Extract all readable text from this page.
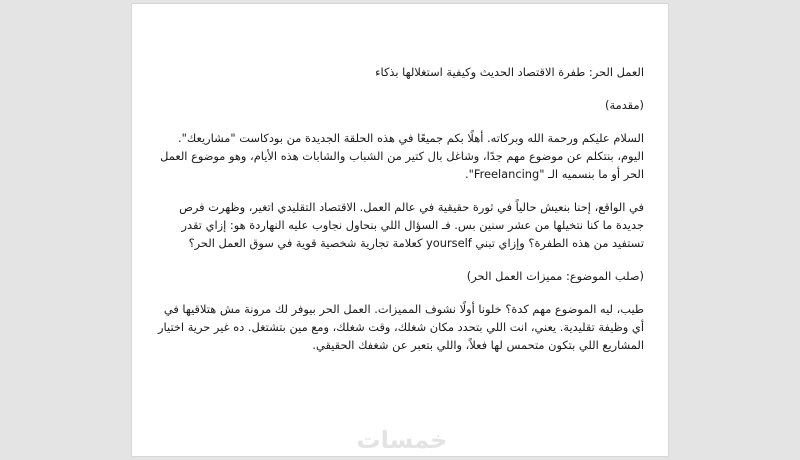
العمل الحر: طفرة الاقتصاد الحديث وكيفية استغلالها بذكاء

(مقدمة)

السلام عليكم ورحمة الله وبركاته. أهلًا بكم جميعًا في هذه الحلقة الجديدة من بودكاست "مشاريعك". اليوم، بنتكلم عن موضوع مهم جدًا، وشاغل بال كتير من الشباب والشابات هذه الأيام، وهو موضوع العمل الحر أو ما بنسميه الـ "Freelancing".

في الواقع، إحنا بنعيش حالياً في ثورة حقيقية في عالم العمل. الاقتصاد التقليدي اتغير، وظهرت فرص جديدة ما كنا نتخيلها من عشر سنين بس. فـ السؤال اللي بنحاول نجاوب عليه النهاردة هو: إزاي تقدر تستفيد من هذه الطفرة؟ وإزاي تبني yourself كعلامة تجارية شخصية قوية في سوق العمل الحر؟

(صلب الموضوع: مميزات العمل الحر)

طيب، ليه الموضوع مهم كدة؟ خلونا أولًا نشوف المميزات. العمل الحر بيوفر لك مرونة مش هتلاقيها في أي وظيفة تقليدية. يعني، انت اللي بتحدد مكان شغلك، وقت شغلك، ومع مين بتشتغل. ده غير حرية اختيار المشاريع اللي بتكون متحمس لها فعلاً، واللي بتعبر عن شغفك الحقيقي.

خمسات
